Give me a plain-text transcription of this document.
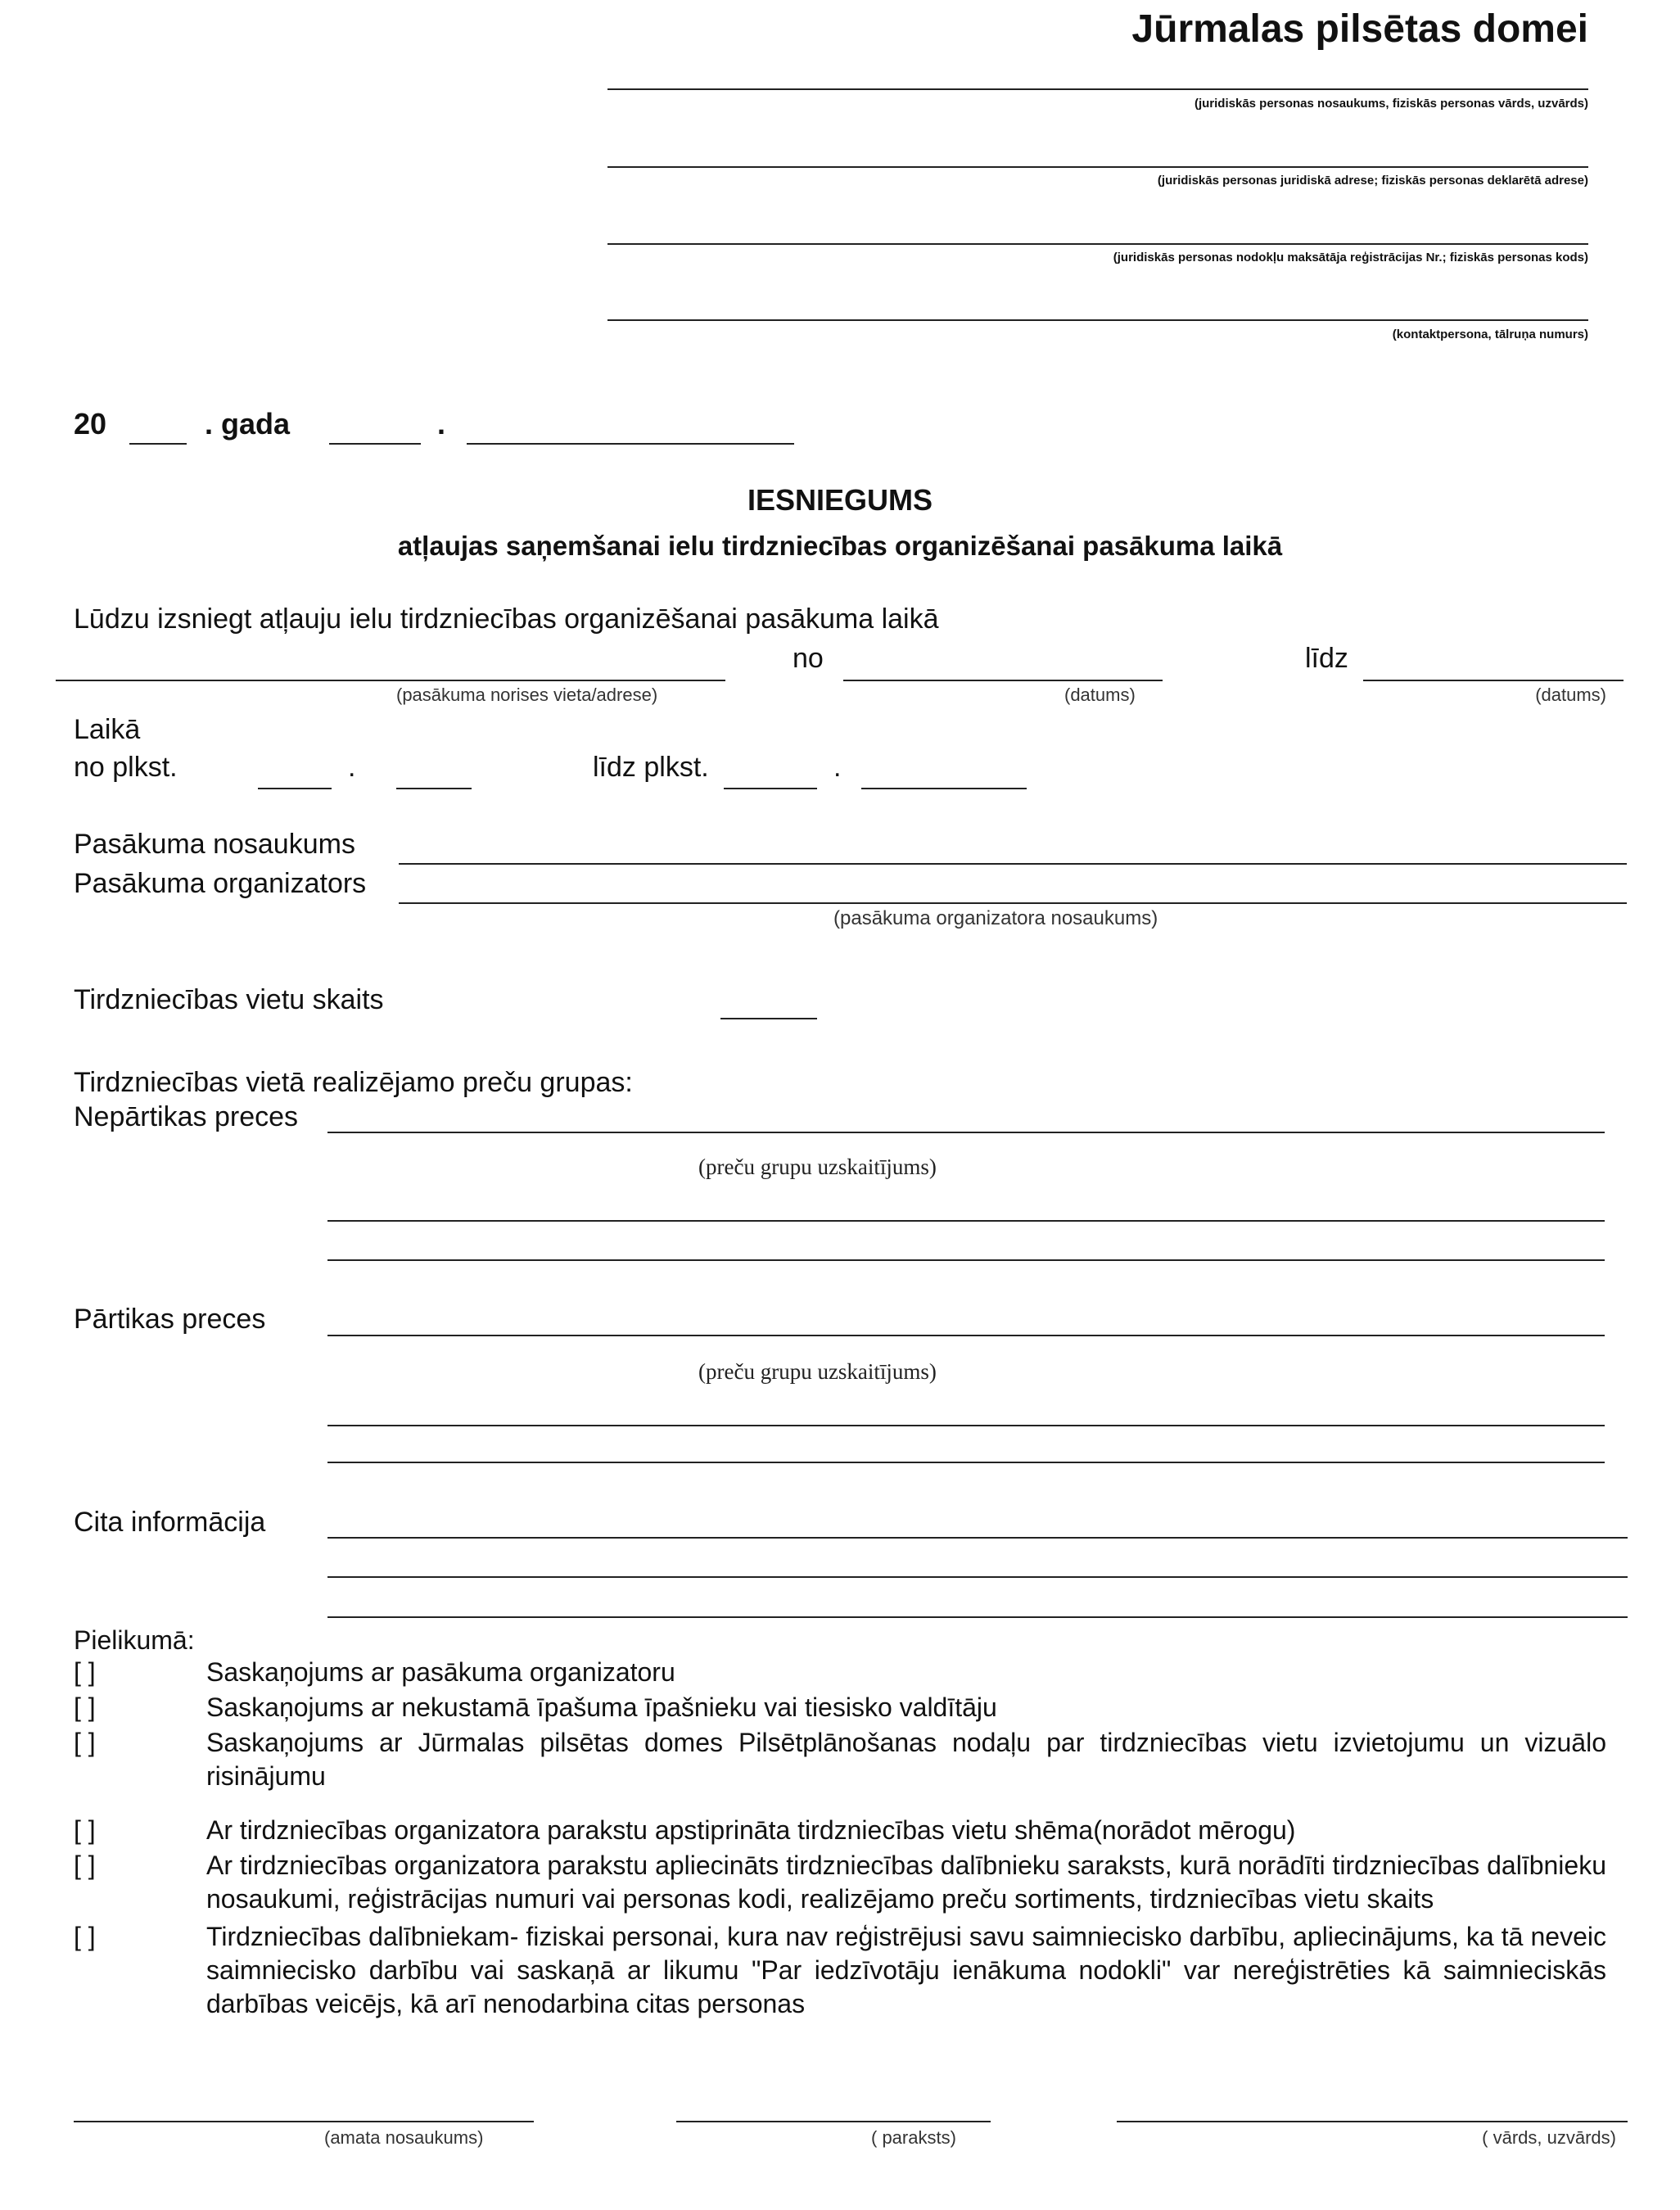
Jūrmalas pilsētas domei
(juridiskās personas nosaukums, fiziskās personas vārds, uzvārds)
(juridiskās personas juridiskā adrese; fiziskās personas deklarētā adrese)
(juridiskās personas nodokļu maksātāja reģistrācijas Nr.; fiziskās personas kods)
(kontaktpersona, tālruņa numurs)
20	. gada	.
IESNIEGUMS
atļaujas saņemšanai ielu tirdzniecības organizēšanai pasākuma laikā
Lūdzu izsniegt atļauju ielu tirdzniecības organizēšanai pasākuma laikā
no	līdz
(pasākuma norises vieta/adrese)	(datums)	(datums)
Laikā
no plkst.	.	līdz plkst.	.
Pasākuma nosaukums
Pasākuma organizators
(pasākuma organizatora nosaukums)
Tirdzniecības vietu skaits
Tirdzniecības vietā realizējamo preču grupas:
Nepārtikas preces
(preču grupu uzskaitījums)
Pārtikas preces
(preču grupu uzskaitījums)
Cita informācija
Pielikumā:
[ ]	Saskaņojums ar pasākuma organizatoru
[ ]	Saskaņojums ar nekustamā īpašuma īpašnieku vai tiesisko valdītāju
[ ]	Saskaņojums ar Jūrmalas pilsētas domes Pilsētplānošanas nodaļu par tirdzniecības vietu izvietojumu un vizuālo risinājumu
[ ]	Ar tirdzniecības organizatora parakstu apstiprināta tirdzniecības vietu shēma(norādot mērogu)
[ ]	Ar tirdzniecības organizatora parakstu apliecināts tirdzniecības dalībnieku saraksts, kurā norādīti tirdzniecības dalībnieku nosaukumi, reģistrācijas numuri vai personas kodi, realizējamo preču sortiments, tirdzniecības vietu skaits
[ ]	Tirdzniecības dalībniekam- fiziskai personai, kura nav reģistrējusi savu saimniecisko darbību, apliecinājums, ka tā neveic saimniecisko darbību vai saskaņā ar likumu "Par iedzīvotāju ienākuma nodokli" var nereģistrēties kā saimnieciskās darbības veicējs, kā arī nenodarbina citas personas
(amata nosaukums)	( paraksts)	( vārds, uzvārds)
